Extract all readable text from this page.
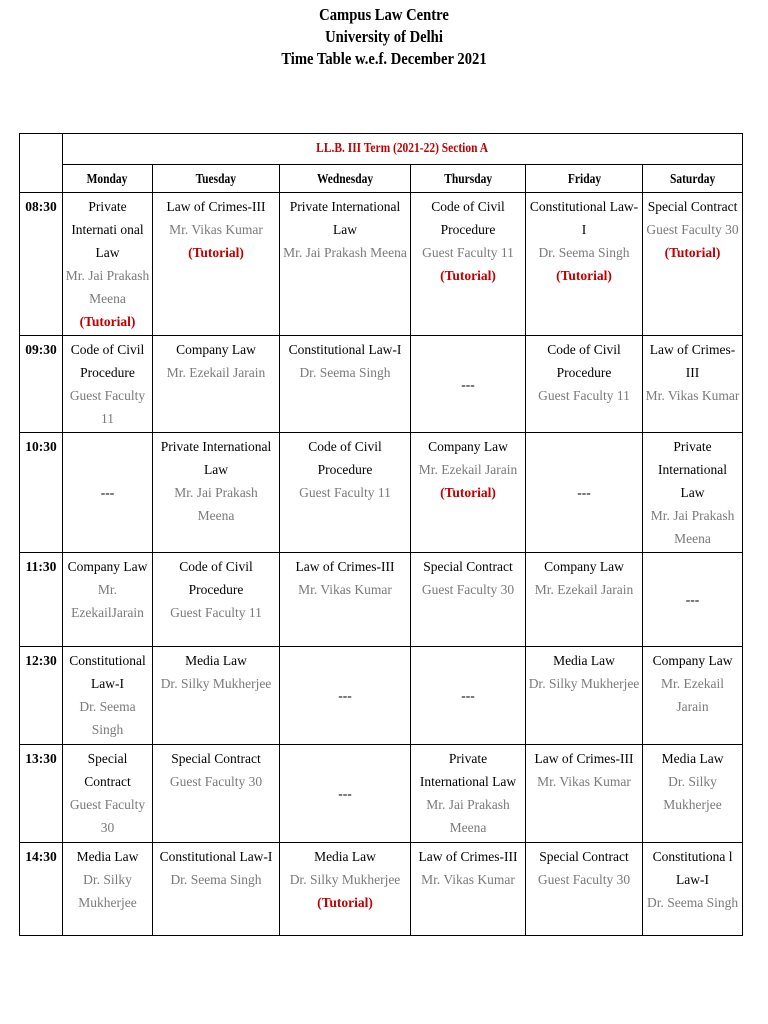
Campus Law Centre
University of Delhi
Time Table w.e.f. December 2021
	LL.B. III Term (2021-22) Section A					
	Monday	Tuesday	Wednesday	Thursday	Friday	Saturday
08:30	Private Internati onal Law
Mr. Jai Prakash Meena
(Tutorial)	Law of Crimes-III
Mr. Vikas Kumar
(Tutorial)	Private International Law
Mr. Jai Prakash Meena	Code of Civil Procedure
Guest Faculty 11
(Tutorial)	Constitutional Law-I
Dr. Seema Singh
(Tutorial)	Special Contract
Guest Faculty 30
(Tutorial)

09:30	Code of Civil Procedure
Guest Faculty 11	Company Law
Mr. Ezekail Jarain	Constitutional Law-I
Dr. Seema Singh	---	Code of Civil Procedure
Guest Faculty 11	Law of Crimes-III
Mr. Vikas Kumar

10:30	---	Private International Law
Mr. Jai Prakash Meena	Code of Civil Procedure
Guest Faculty 11	Company Law
Mr. Ezekail Jarain
(Tutorial)	---	Private International Law
Mr. Jai Prakash Meena

11:30	Company Law
Mr. EzekailJarain	Code of Civil Procedure
Guest Faculty 11	Law of Crimes-III
Mr. Vikas Kumar	Special Contract
Guest Faculty 30	Company Law
Mr. Ezekail Jarain	---

12:30	Constitutional Law-I
Dr. Seema Singh	Media Law
Dr. Silky Mukherjee	---	---	Media Law
Dr. Silky Mukherjee	Company Law
Mr. Ezekail Jarain

13:30	Special Contract
Guest Faculty 30	Special Contract
Guest Faculty 30	---	Private International Law
Mr. Jai Prakash Meena	Law of Crimes-III
Mr. Vikas Kumar	Media Law
Dr. Silky Mukherjee

14:30	Media Law
Dr. Silky Mukherjee	Constitutional Law-I
Dr. Seema Singh	Media Law
Dr. Silky Mukherjee
(Tutorial)	Law of Crimes-III
Mr. Vikas Kumar	Special Contract
Guest Faculty 30	Constitutiona l Law-I
Dr. Seema Singh
